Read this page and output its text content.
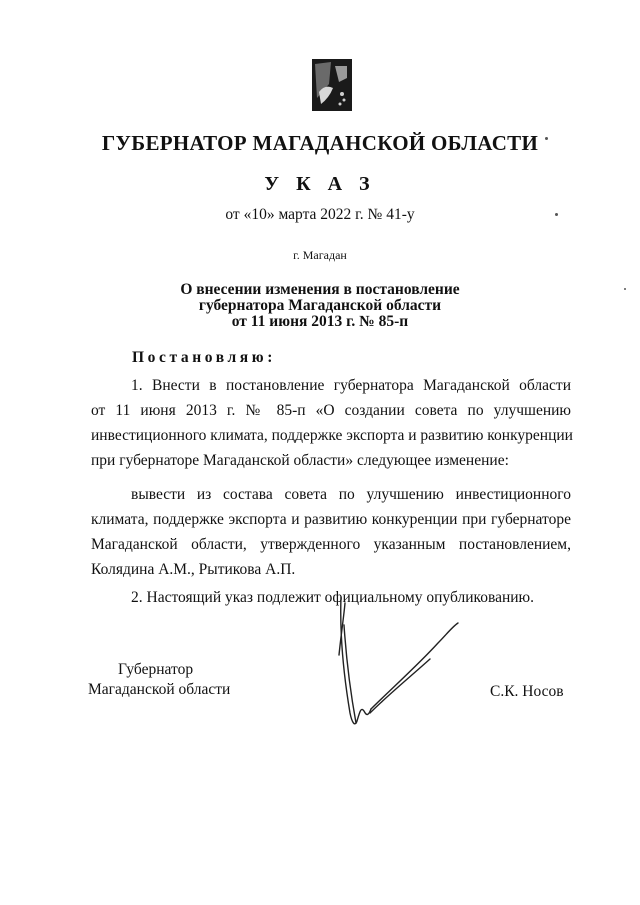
ГУБЕРНАТОР МАГАДАНСКОЙ ОБЛАСТИ
У К А З
от «10» марта 2022 г. № 41-у
г. Магадан
О внесении изменения в постановление
губернатора Магаданской области
от 11 июня 2013 г. № 85-п
Постановляю:
1. Внести в постановление губернатора Магаданской области
от 11 июня 2013 г. № 85-п «О создании совета по улучшению
инвестиционного климата, поддержке экспорта и развитию конкуренции
при губернаторе Магаданской области» следующее изменение:
вывести из состава совета по улучшению инвестиционного
климата, поддержке экспорта и развитию конкуренции при губернаторе
Магаданской области, утвержденного указанным постановлением,
Колядина А.М., Рытикова А.П.
2. Настоящий указ подлежит официальному опубликованию.
Губернатор
Магаданской области	С.К. Носов
